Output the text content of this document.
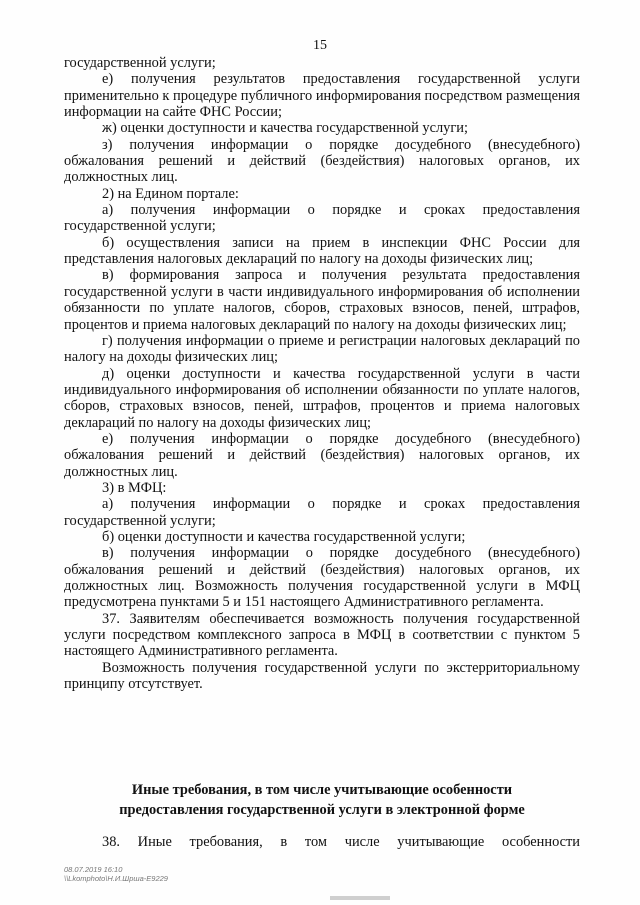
15

государственной услуги;

е) получения результатов предоставления государственной услуги применительно к процедуре публичного информирования посредством размещения информации на сайте ФНС России;

ж) оценки доступности и качества государственной услуги;

з) получения информации о порядке досудебного (внесудебного) обжалования решений и действий (бездействия) налоговых органов, их должностных лиц.

2) на Едином портале:

а) получения информации о порядке и сроках предоставления государственной услуги;

б) осуществления записи на прием в инспекции ФНС России для представления налоговых деклараций по налогу на доходы физических лиц;

в) формирования запроса и получения результата предоставления государственной услуги в части индивидуального информирования об исполнении обязанности по уплате налогов, сборов, страховых взносов, пеней, штрафов, процентов и приема налоговых деклараций по налогу на доходы физических лиц;

г) получения информации о приеме и регистрации налоговых деклараций по налогу на доходы физических лиц;

д) оценки доступности и качества государственной услуги в части индивидуального информирования об исполнении обязанности по уплате налогов, сборов, страховых взносов, пеней, штрафов, процентов и приема налоговых деклараций по налогу на доходы физических лиц;

е) получения информации о порядке досудебного (внесудебного) обжалования решений и действий (бездействия) налоговых органов, их должностных лиц.

3) в МФЦ:

а) получения информации о порядке и сроках предоставления государственной услуги;

б) оценки доступности и качества государственной услуги;

в) получения информации о порядке досудебного (внесудебного) обжалования решений и действий (бездействия) налоговых органов, их должностных лиц. Возможность получения государственной услуги в МФЦ предусмотрена пунктами 5 и 151 настоящего Административного регламента.

37. Заявителям обеспечивается возможность получения государственной услуги посредством комплексного запроса в МФЦ в соответствии с пунктом 5 настоящего Административного регламента.

Возможность получения государственной услуги по экстерриториальному принципу отсутствует.

Иные требования, в том числе учитывающие особенности
предоставления государственной услуги в электронной форме
38. Иные требования, в том числе учитывающие особенности
08.07.2019 16:10
\\Lkomphoto\Н.И.Шрша-Е9229
